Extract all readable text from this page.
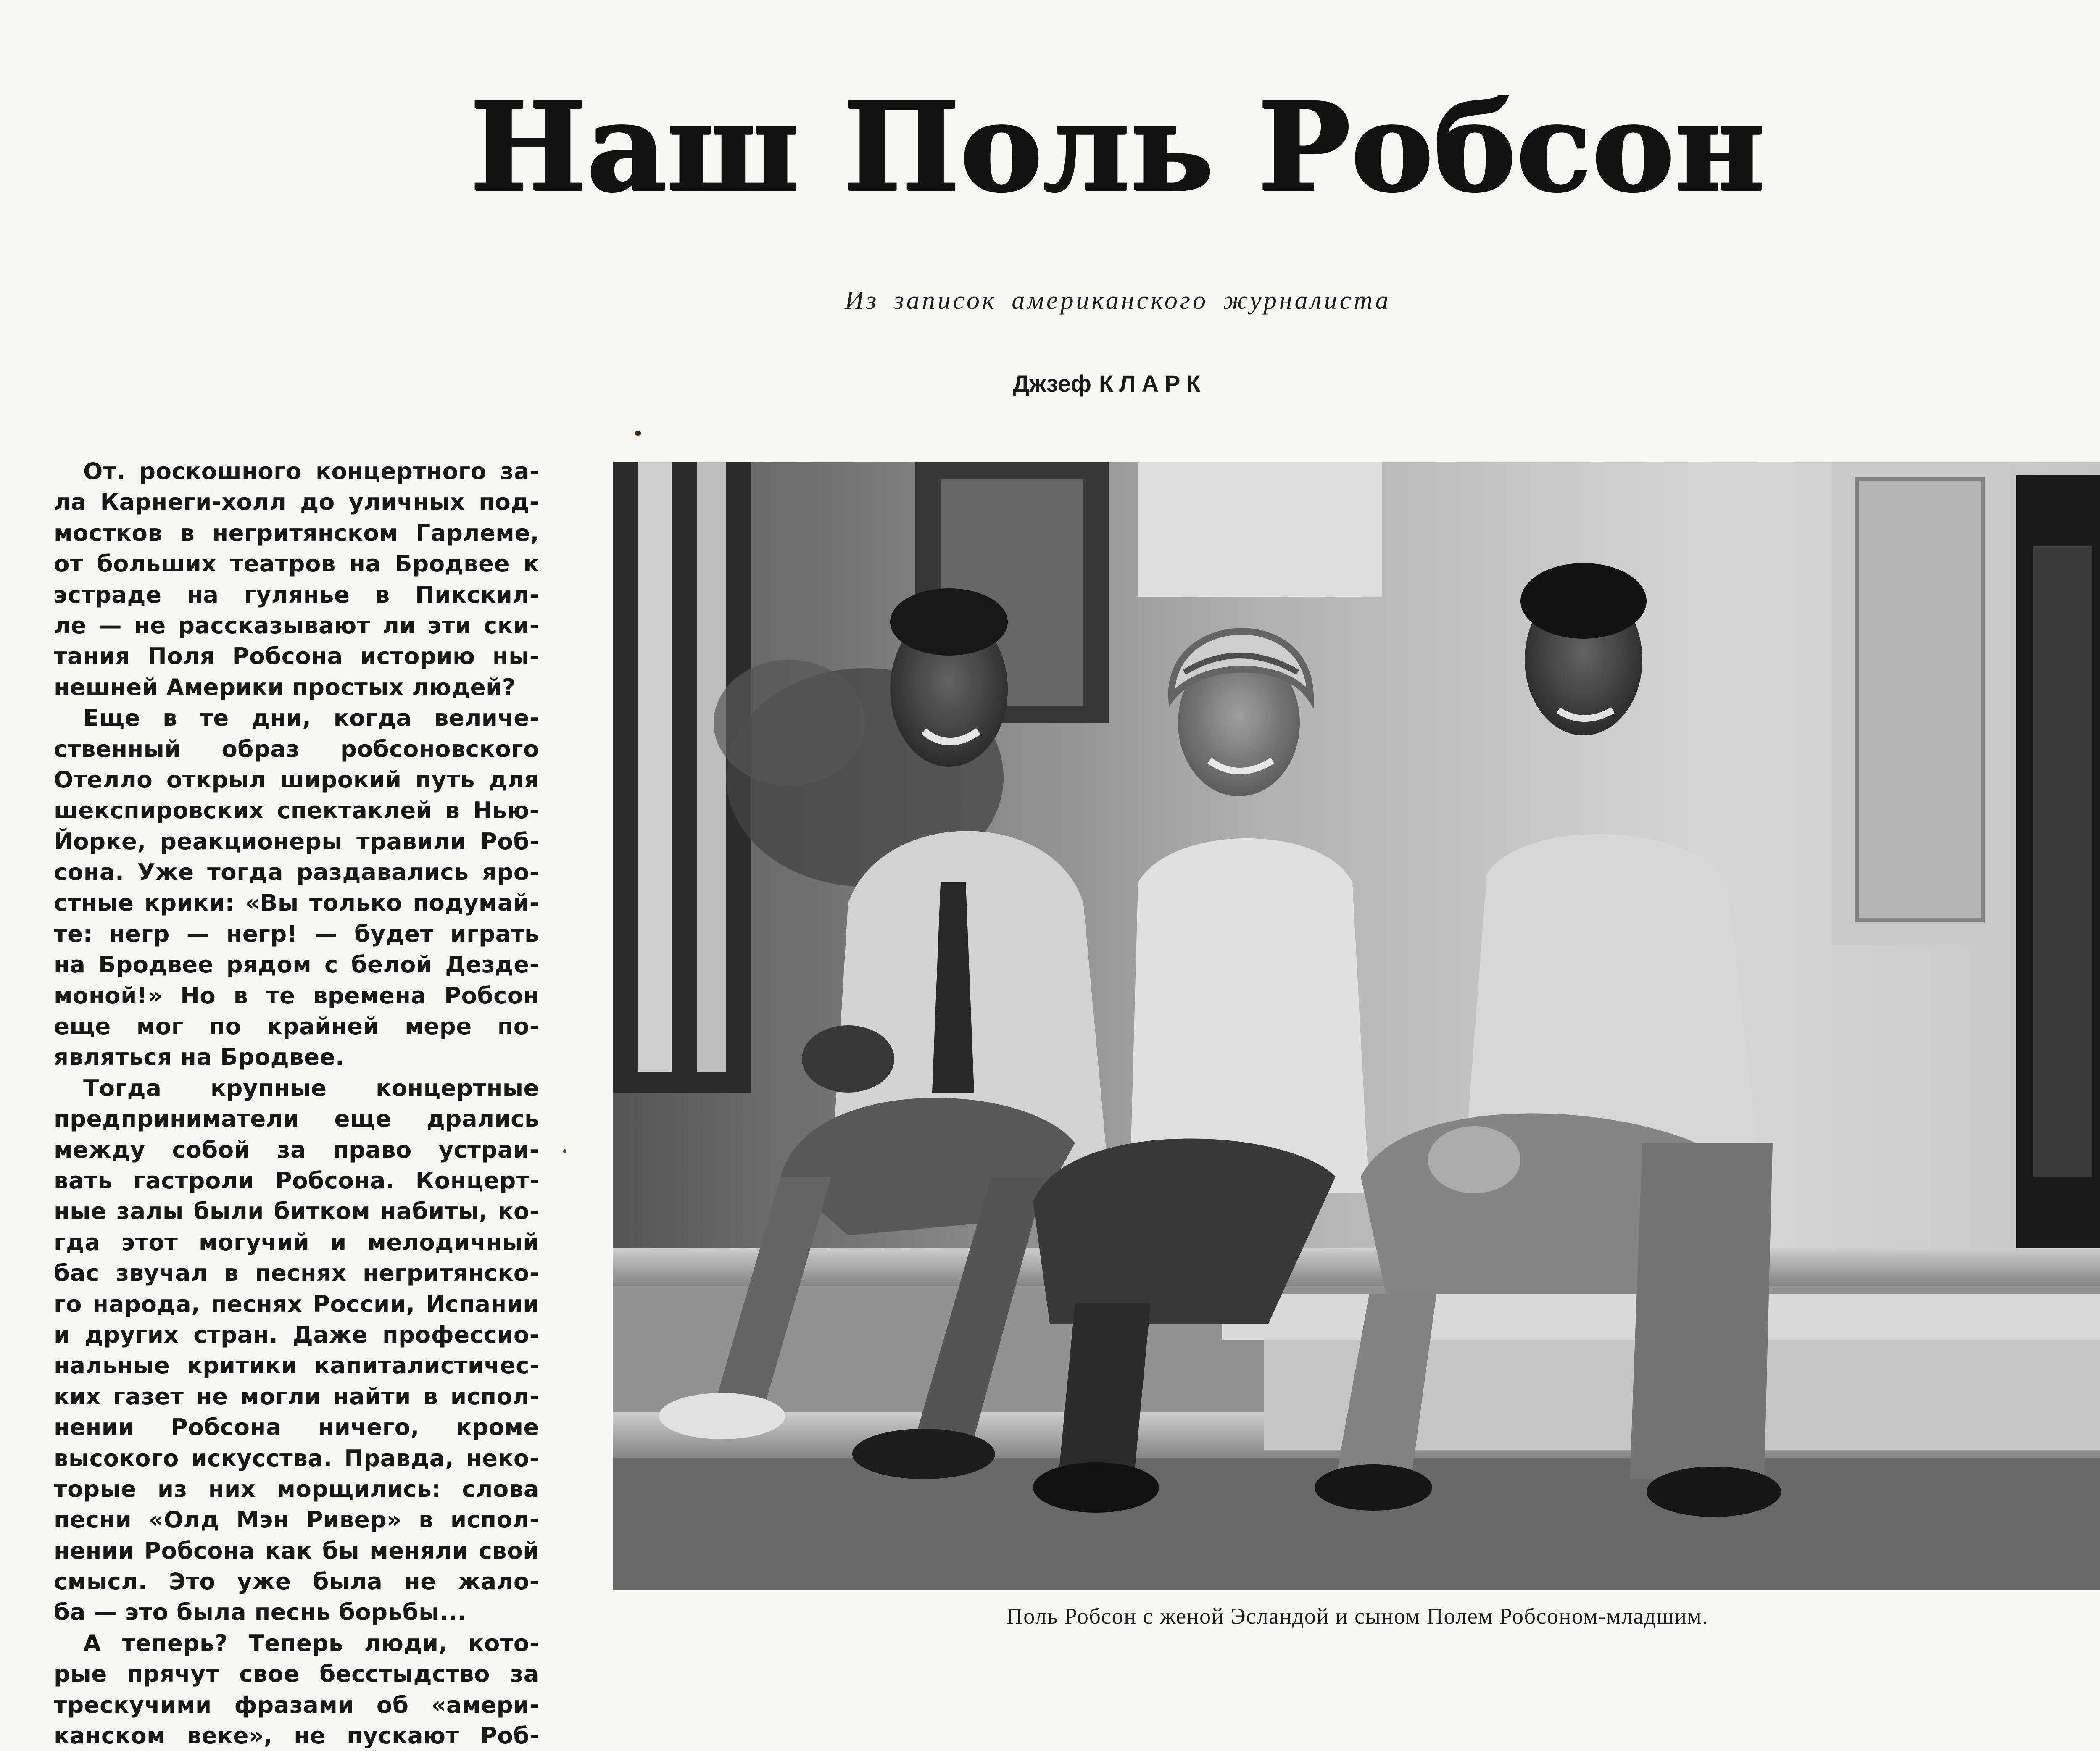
Наш Поль Робсон
Из записок американского журналиста
Джзеф КЛАРК
От. роскошного концертного за-
ла Карнеги-холл до уличных под-
мостков в негритянском Гарлеме,
от больших театров на Бродвее к
эстраде на гулянье в Пикскил-
ле — не рассказывают ли эти ски-
тания Поля Робсона историю ны-
нешней Америки простых людей?
Еще в те дни, когда величе-
ственный образ робсоновского
Отелло открыл широкий путь для
шекспировских спектаклей в Нью-
Йорке, реакционеры травили Роб-
сона. Уже тогда раздавались яро-
стные крики: «Вы только подумай-
те: негр — негр! — будет играть
на Бродвее рядом с белой Дезде-
моной!» Но в те времена Робсон
еще мог по крайней мере по-
являться на Бродвее.
Тогда крупные концертные
предприниматели еще дрались
между собой за право устраи-
вать гастроли Робсона. Концерт-
ные залы были битком набиты, ко-
гда этот могучий и мелодичный
бас звучал в песнях негритянско-
го народа, песнях России, Испании
и других стран. Даже профессио-
нальные критики капиталистичес-
ких газет не могли найти в испол-
нении Робсона ничего, кроме
высокого искусства. Правда, неко-
торые из них морщились: слова
песни «Олд Мэн Ривер» в испол-
нении Робсона как бы меняли свой
смысл. Это уже была не жало-
ба — это была песнь борьбы...
А теперь? Теперь люди, кото-
рые прячут свое бесстыдство за
трескучими фразами об «амери-
канском веке», не пускают Роб-
Поль Робсон с женой Эсландой и сыном Полем Робсоном-младшим.
